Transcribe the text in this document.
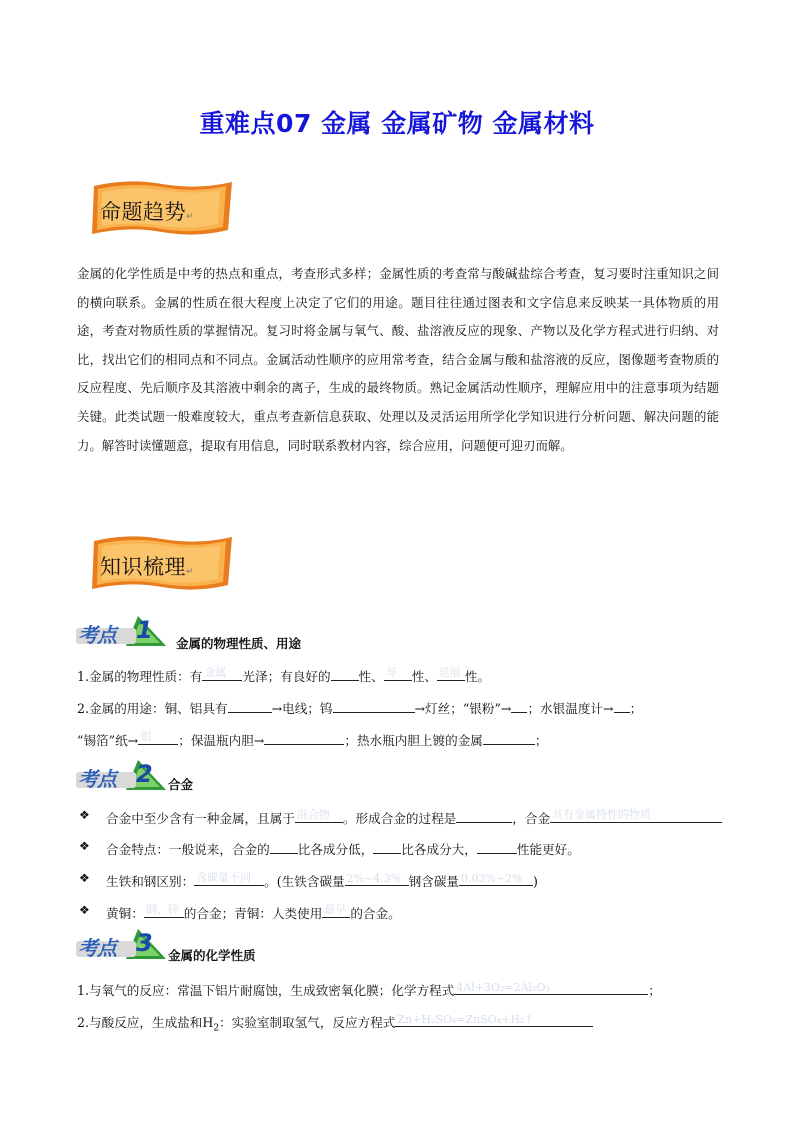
重难点07 金属 金属矿物 金属材料
命题趋势↵
金属的化学性质是中考的热点和重点，考查形式多样；金属性质的考查常与酸碱盐综合考查，复习要时注重知识之间的横向联系。金属的性质在很大程度上决定了它们的用途。题目往往通过图表和文字信息来反映某一具体物质的用途，考查对物质性质的掌握情况。复习时将金属与氧气、酸、盐溶液反应的现象、产物以及化学方程式进行归纳、对比，找出它们的相同点和不同点。金属活动性顺序的应用常考查，结合金属与酸和盐溶液的反应，图像题考查物质的反应程度、先后顺序及其溶液中剩余的离子，生成的最终物质。熟记金属活动性顺序，理解应用中的注意事项为结题关键。此类试题一般难度较大，重点考查新信息获取、处理以及灵活运用所学化学知识进行分析问题、解决问题的能力。解答时读懂题意，提取有用信息，同时联系教材内容，综合应用，问题便可迎刃而解。
知识梳理↵
考点 1 金属的物理性质、用途
1.金属的物理性质：有 金属 光泽；有良好的 性、 导 性、 延展 性。
2.金属的用途：铜、铝具有	→电线；钨	→灯丝；“银粉”→ ；水银温度计→ ；
“锡箔”纸→ 铝 ；保温瓶内胆→	；热水瓶内胆上镀的金属	；
考点 2 合金
❖ 合金中至少含有一种金属，且属于 混合物 。形成合金的过程是	，合金 具有金属特性的物质
❖ 合金特点：一般说来，合金的 比各成分低， 比各成分大，	性能更好。
❖ 生铁和钢区别： 含碳量不同 。(生铁含碳量 2%~4.3% 钢含碳量 0.03%~2% )
❖ 黄铜： 铜、锌 的合金；青铜：人类使用 最早 的合金。
考点 3 金属的化学性质
1.与氧气的反应：常温下铝片耐腐蚀，生成致密氧化膜；化学方程式 4Al+3O₂=2Al₂O₃	；
2.与酸反应，生成盐和$H_2$：实验室制取氢气，反应方程式 Zn+H₂SO₄=ZnSO₄+H₂↑
